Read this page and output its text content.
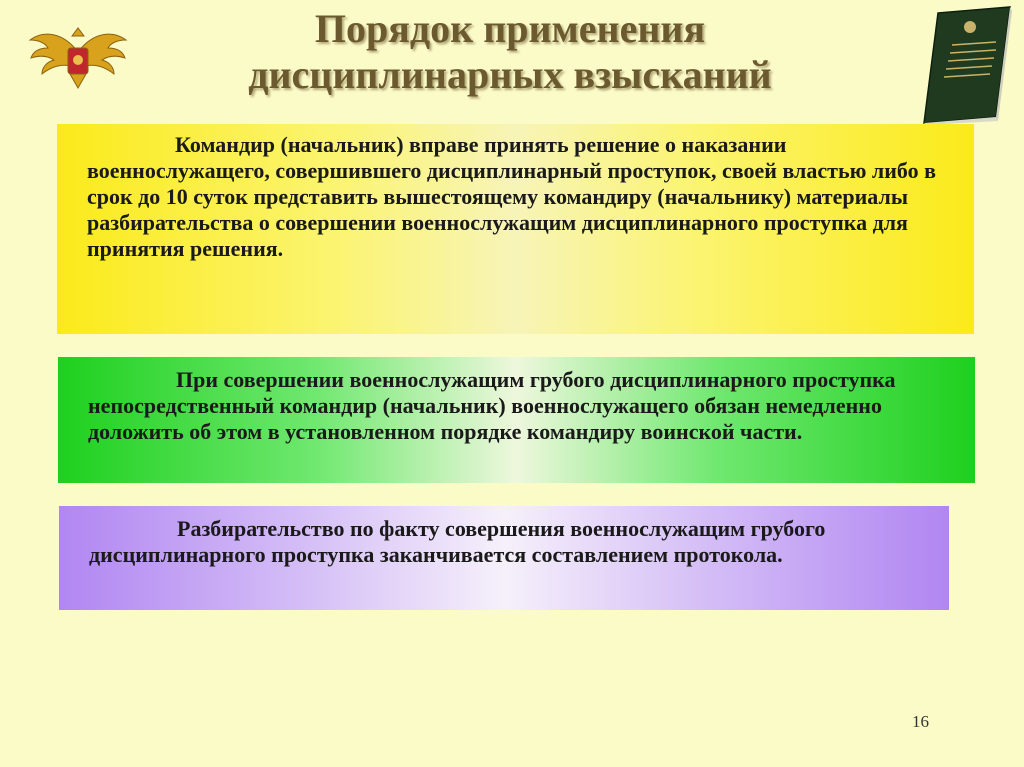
Порядок применения
дисциплинарных взысканий

Командир (начальник) вправе принять решение о наказании военнослужащего, совершившего дисциплинарный проступок, своей властью либо в срок до 10 суток представить вышестоящему командиру (начальнику) материалы разбирательства о совершении военнослужащим дисциплинарного проступка для принятия решения.

При совершении военнослужащим грубого дисциплинарного проступка непосредственный командир (начальник) военнослужащего обязан немедленно доложить об этом в установленном порядке командиру воинской части.

Разбирательство по факту совершения военнослужащим грубого дисциплинарного проступка заканчивается составлением протокола.

16
